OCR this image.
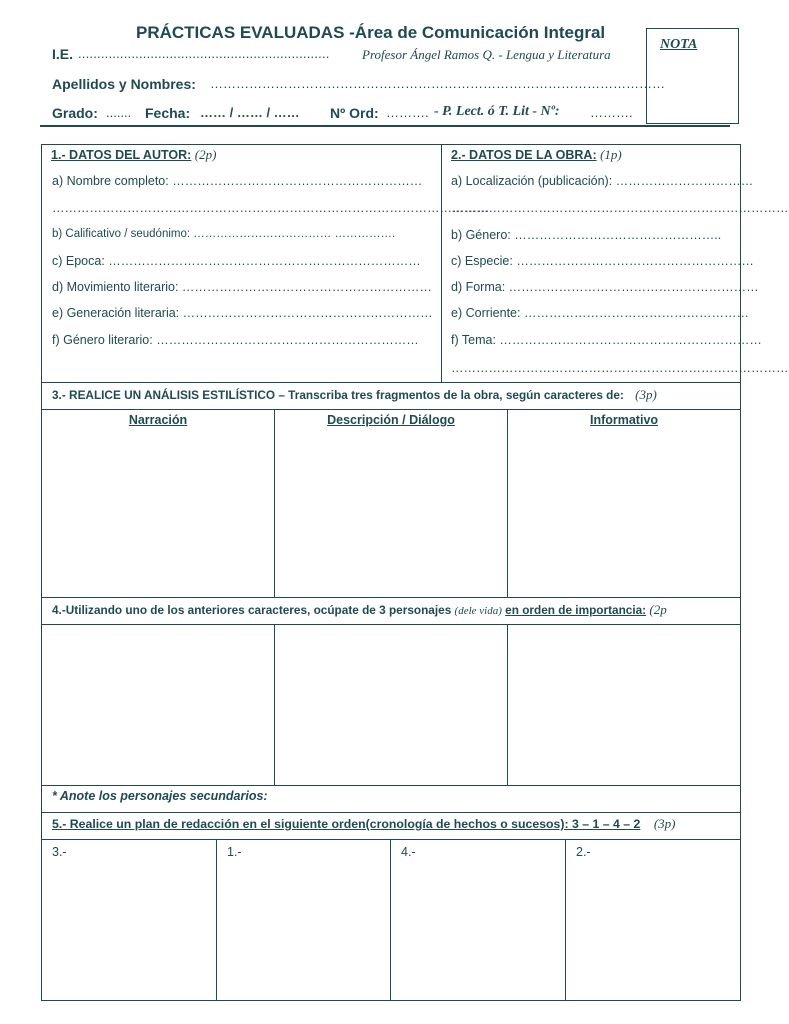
PRÁCTICAS EVALUADAS -Área de Comunicación Integral
I.E. .................................................................. Profesor Ángel Ramos Q. - Lengua y Literatura
Apellidos y Nombres: ……………………………………………………………………………………………
Grado: ....... Fecha: …… / …… / …… Nº Ord: ………. - P. Lect. ó T. Lit - Nº: ……….
NOTA
1.- DATOS DEL AUTOR: (2p)
a) Nombre completo: ……………………………………………………
……………………………………………………………………………………………
b) Calificativo / seudónimo: ……………………………… …………….
c) Epoca: …………………………………………………………………
d) Movimiento literario: ……………………………………………………
e) Generación literaria: ……………………………………………………
f) Género literario: ………………………………………………………
2.- DATOS DE LA OBRA: (1p)
a) Localización (publicación): ……………………………
………………………………………………………………………
b) Género: …………………………………………..
c) Especie: …………………………………………………
d) Forma: ……………………………………………………
e) Corriente: ………………………………………………
f) Tema: ………………………………………………………
………………………………………………………………………
3.- REALICE UN ANÁLISIS ESTILÍSTICO – Transcriba tres fragmentos de la obra, según caracteres de: (3p)
Narración	Descripción / Diálogo	Informativo
4.-Utilizando uno de los anteriores caracteres, ocúpate de 3 personajes (dele vida) en orden de importancia: (2p
* Anote los personajes secundarios:
5.- Realice un plan de redacción en el siguiente orden(cronología de hechos o sucesos): 3 – 1 – 4 – 2 (3p)
3.-	1.-	4.-	2.-
